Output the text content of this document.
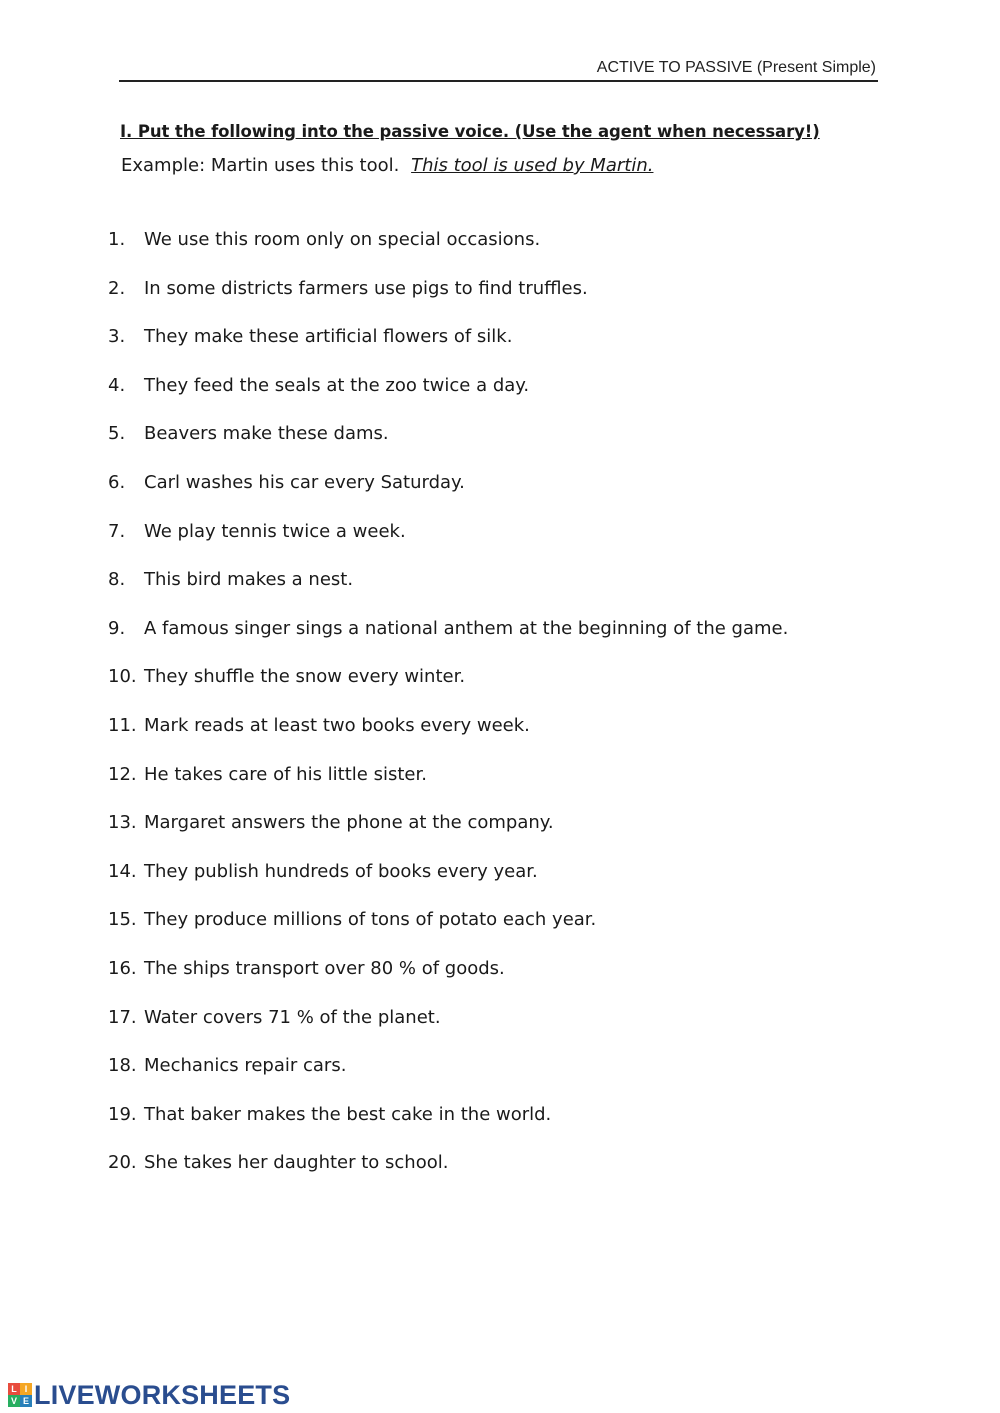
ACTIVE TO PASSIVE (Present Simple)
I. Put the following into the passive voice. (Use the agent when necessary!)
Example: Martin uses this tool. This tool is used by Martin.
1.	We use this room only on special occasions.
2.	In some districts farmers use pigs to find truffles.
3.	They make these artificial flowers of silk.
4.	They feed the seals at the zoo twice a day.
5.	Beavers make these dams.
6.	Carl washes his car every Saturday.
7.	We play tennis twice a week.
8.	This bird makes a nest.
9.	A famous singer sings a national anthem at the beginning of the game.
10. They shuffle the snow every winter.
11. Mark reads at least two books every week.
12. He takes care of his little sister.
13. Margaret answers the phone at the company.
14. They publish hundreds of books every year.
15. They produce millions of tons of potato each year.
16. The ships transport over 80 % of goods.
17. Water covers 71 % of the planet.
18. Mechanics repair cars.
19. That baker makes the best cake in the world.
20. She takes her daughter to school.
L I
V E LIVEWORKSHEETS
